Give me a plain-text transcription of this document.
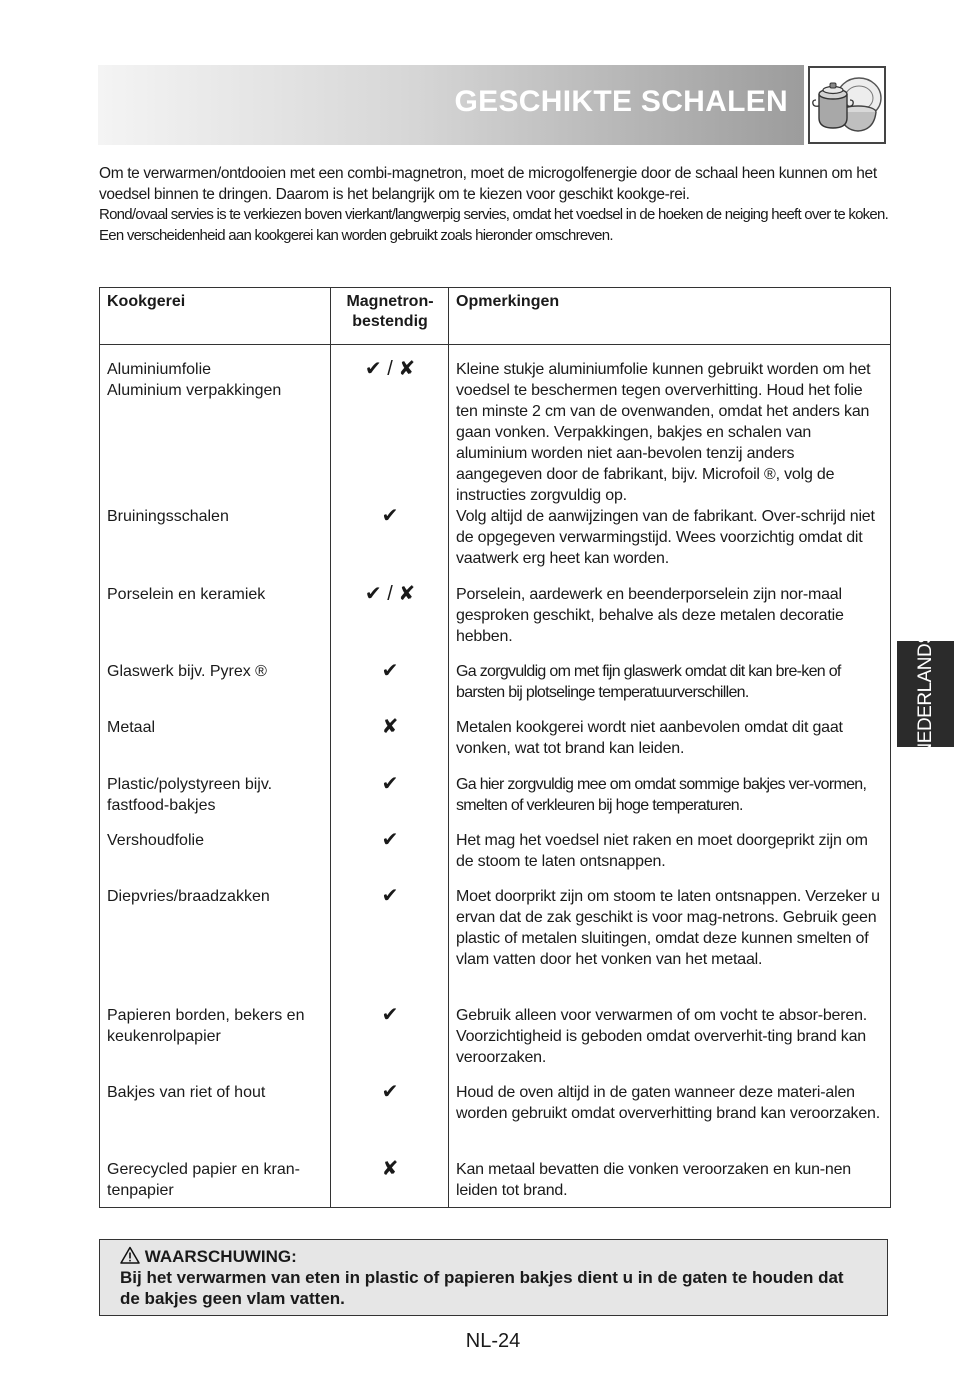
GESCHIKTE SCHALEN

Om te verwarmen/ontdooien met een combi-magnetron, moet de microgolfenergie door de schaal heen kunnen om het voedsel binnen te dringen. Daarom is het belangrijk om te kiezen voor geschikt kookge-rei.

Rond/ovaal servies is te verkiezen boven vierkant/langwerpig servies, omdat het voedsel in de hoeken de neiging heeft over te koken. Een verscheidenheid aan kookgerei kan worden gebruikt zoals hieronder omschreven.

Kookgerei	Magnetron- bestendig	Opmerkingen
Aluminiumfolie
Aluminium verpakkingen	✔ / ✘	Kleine stukje aluminiumfolie kunnen gebruikt worden om het voedsel te beschermen tegen oververhitting. Houd het folie ten minste 2 cm van de ovenwanden, omdat het anders kan gaan vonken. Verpakkingen, bakjes en schalen van aluminium worden niet aan-bevolen tenzij anders aangegeven door de fabrikant, bijv. Microfoil ®, volg de instructies zorgvuldig op.
Bruiningsschalen	✔	Volg altijd de aanwijzingen van de fabrikant. Over-schrijd niet de opgegeven verwarmingstijd. Wees voorzichtig omdat dit vaatwerk erg heet kan worden.
Porselein en keramiek	✔ / ✘	Porselein, aardewerk en beenderporselein zijn nor-maal gesproken geschikt, behalve als deze metalen decoratie hebben.
Glaswerk bijv. Pyrex ®	✔	Ga zorgvuldig om met fijn glaswerk omdat dit kan bre-ken of barsten bij plotselinge temperatuurverschillen.
Metaal	✘	Metalen kookgerei wordt niet aanbevolen omdat dit gaat vonken, wat tot brand kan leiden.
Plastic/polystyreen bijv. fastfood-bakjes	✔	Ga hier zorgvuldig mee om omdat sommige bakjes ver-vormen, smelten of verkleuren bij hoge temperaturen.
Vershoudfolie	✔	Het mag het voedsel niet raken en moet doorgeprikt zijn om de stoom te laten ontsnappen.
Diepvries/braadzakken	✔	Moet doorprikt zijn om stoom te laten ontsnappen. Verzeker u ervan dat de zak geschikt is voor mag-netrons. Gebruik geen plastic of metalen sluitingen, omdat deze kunnen smelten of vlam vatten door het vonken van het metaal.
Papieren borden, bekers en keukenrolpapier	✔	Gebruik alleen voor verwarmen of om vocht te absor-beren. Voorzichtigheid is geboden omdat oververhit-ting brand kan veroorzaken.
Bakjes van riet of hout	✔	Houd de oven altijd in de gaten wanneer deze materi-alen worden gebruikt omdat oververhitting brand kan veroorzaken.
Gerecycled papier en kran-tenpapier	✘	Kan metaal bevatten die vonken veroorzaken en kun-nen leiden tot brand.
WAARSCHUWING:
Bij het verwarmen van eten in plastic of papieren bakjes dient u in de gaten te houden dat de bakjes geen vlam vatten.
NEDERLANDS
NL-24
